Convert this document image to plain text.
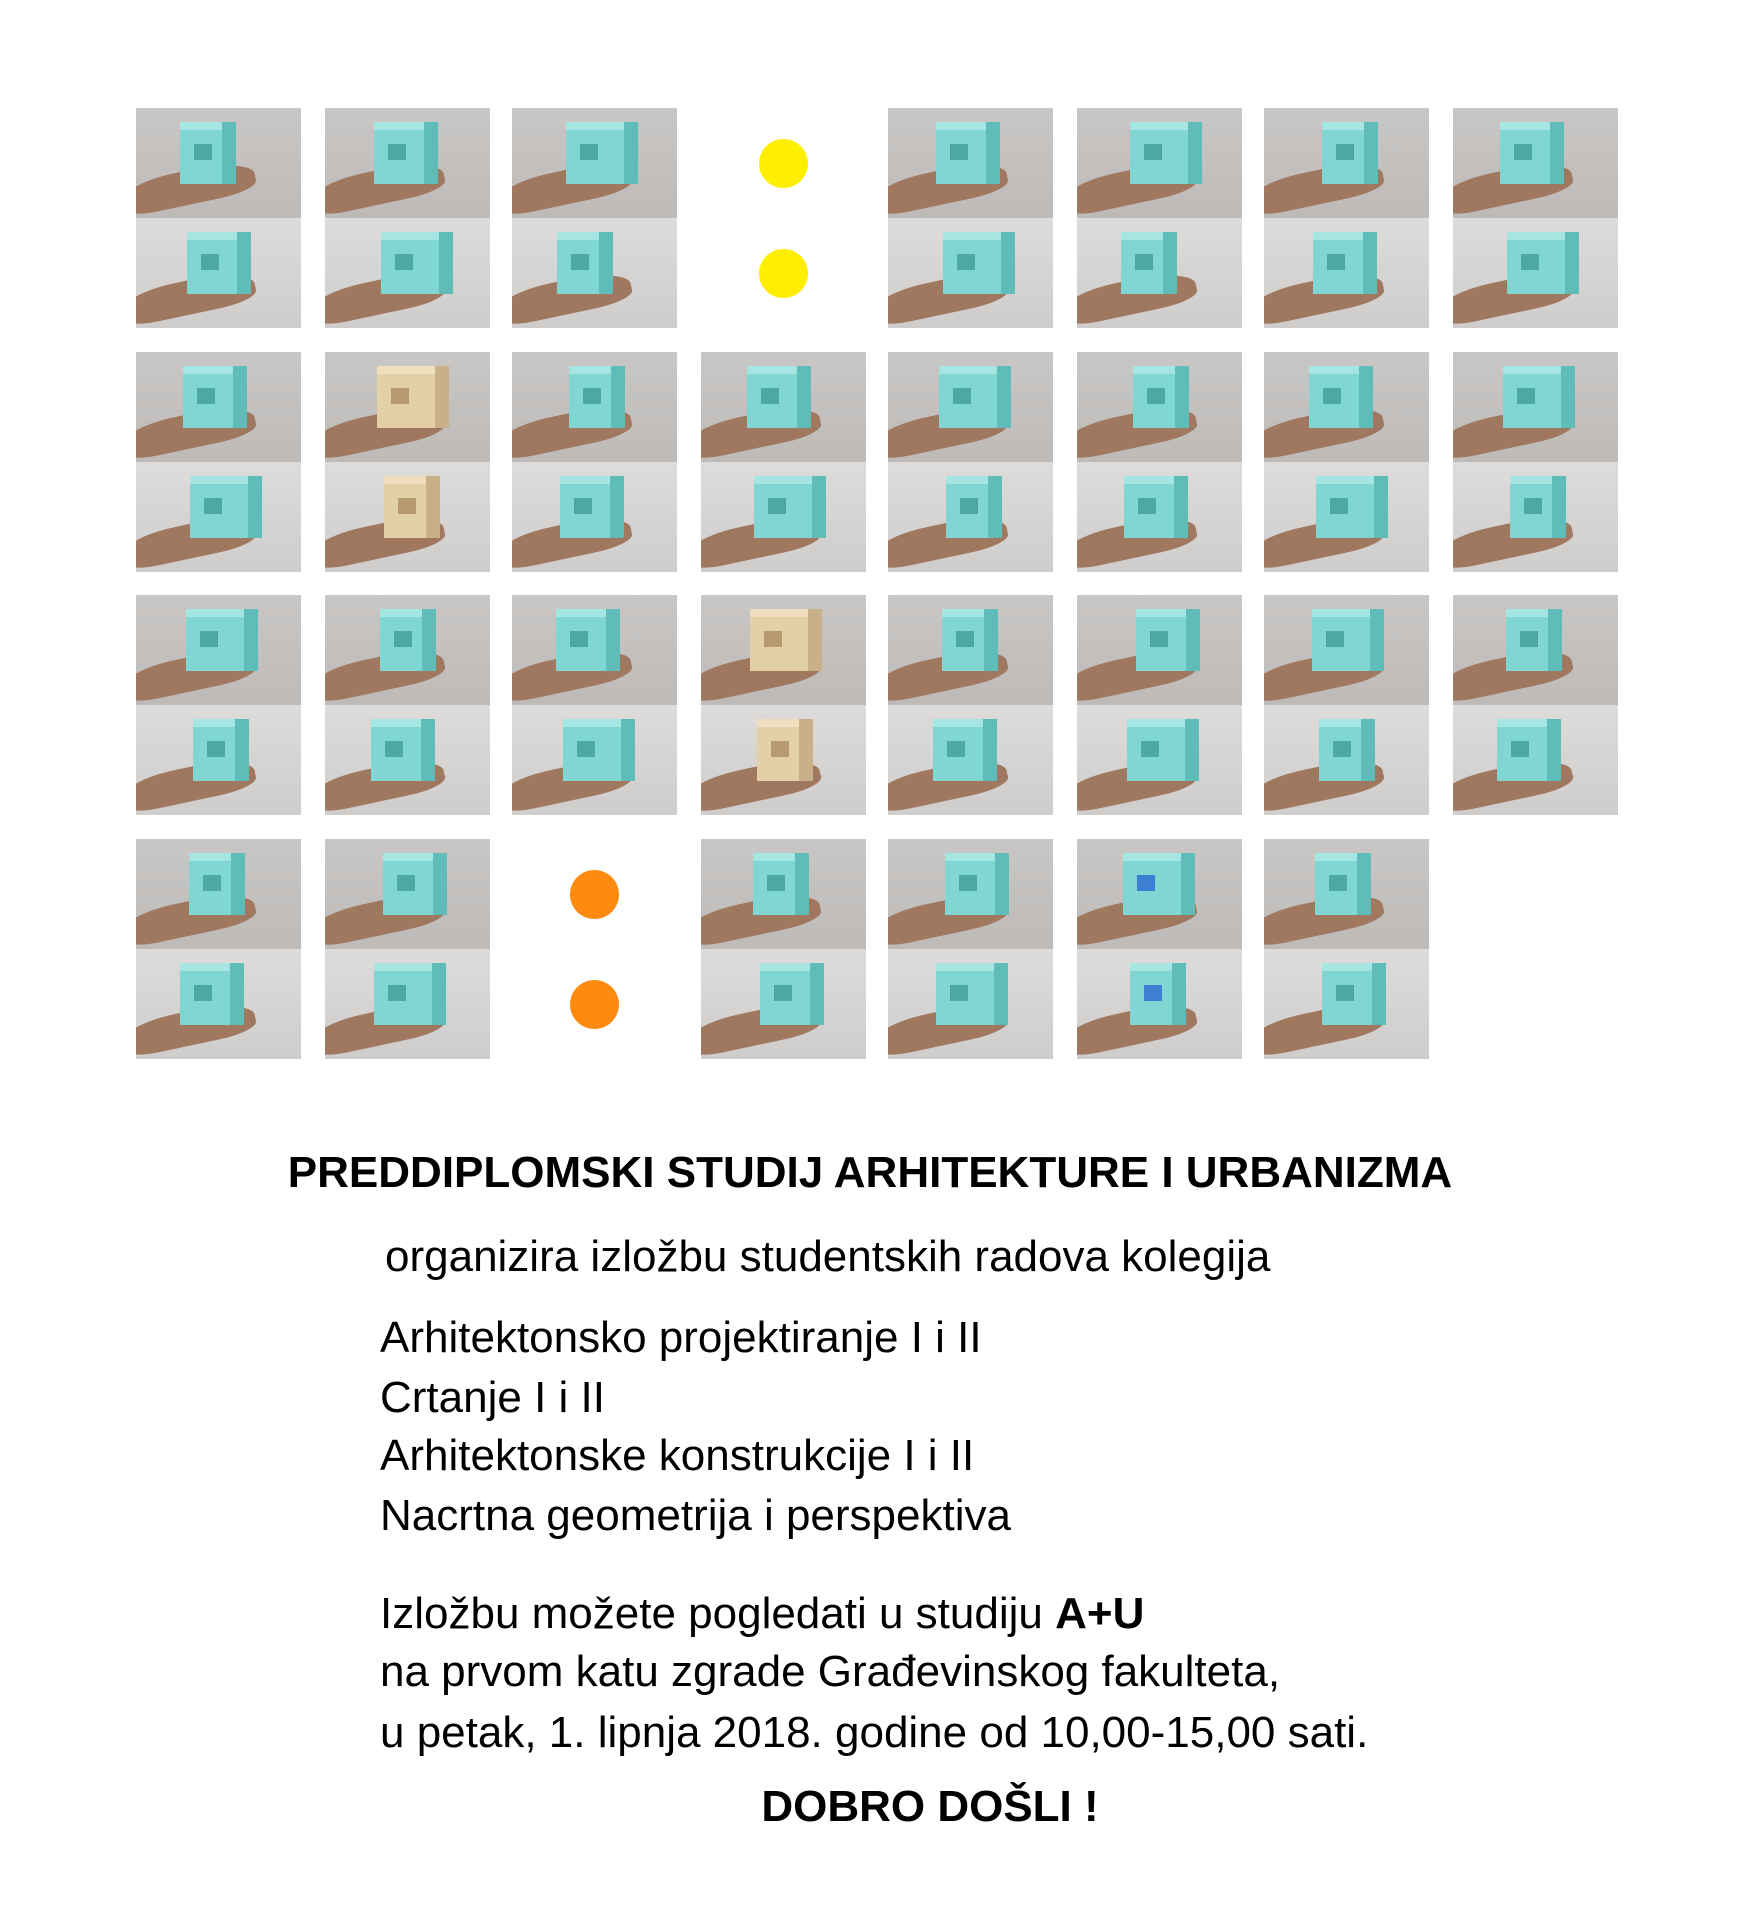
PREDDIPLOMSKI STUDIJ ARHITEKTURE I URBANIZMA
organizira izložbu studentskih radova kolegija
Arhitektonsko projektiranje I i II
Crtanje I i II
Arhitektonske konstrukcije I i II
Nacrtna geometrija i perspektiva
Izložbu možete pogledati u studiju A+U
na prvom katu zgrade Građevinskog fakulteta,
u petak, 1. lipnja 2018. godine od 10,00-15,00 sati.
DOBRO DOŠLI !
